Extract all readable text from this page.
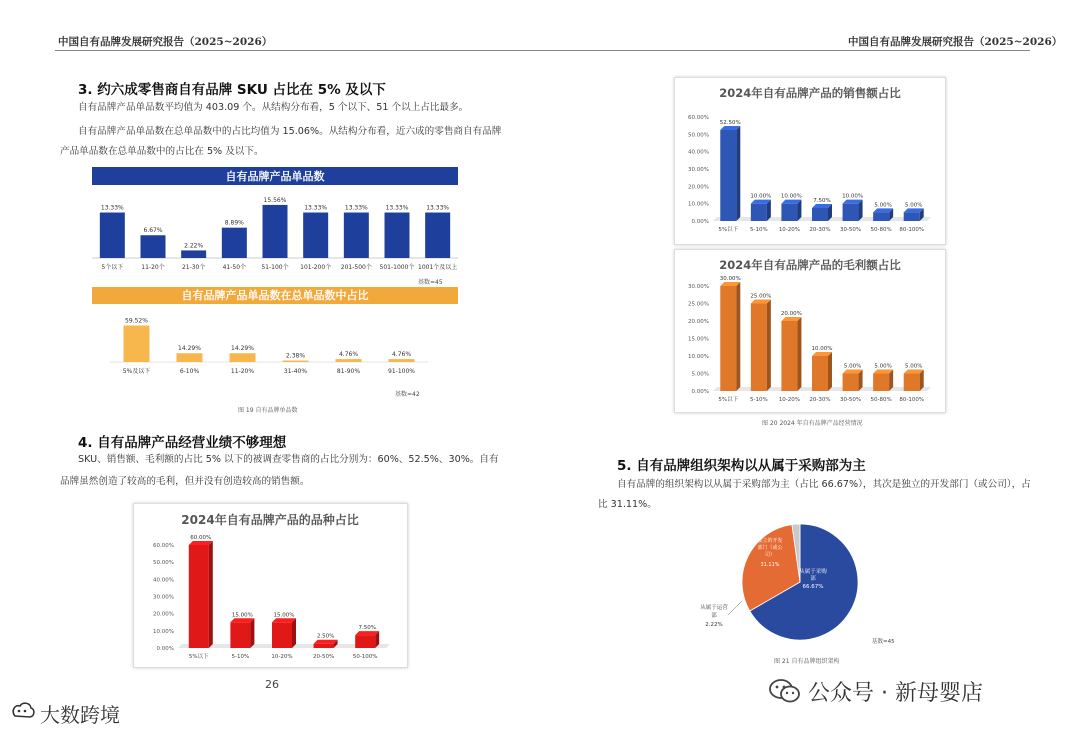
中国自有品牌发展研究报告（2025~2026）	中国自有品牌发展研究报告（2025~2026）
3. 约六成零售商自有品牌 SKU 占比在 5% 及以下
自有品牌产品单品数平均值为 403.09 个。从结构分布看，5 个以下、51 个以上占比最多。
自有品牌产品单品数在总单品数中的占比均值为 15.06%。从结构分布看，近六成的零售商自有品牌
产品单品数在总单品数中的占比在 5% 及以下。
自有品牌产品单品数
13.33%
5个以下
6.67%
11-20个
2.22%
21-30个
8.89%
41-50个
15.56%
51-100个
13.33%
101-200个
13.33%
201-500个
13.33%
501-1000个
13.33%
1001个及以上
基数=45
自有品牌产品单品数在总单品数中占比
59.52%
5%及以下
14.29%
6-10%
14.29%
11-20%
2.38%
31-40%
4.76%
81-90%
4.76%
91-100%
基数=42
图 19 自有品牌单品数
4. 自有品牌产品经营业绩不够理想
SKU、销售额、毛利额的占比 5% 以下的被调查零售商的占比分别为：60%、52.5%、30%。自有
品牌虽然创造了较高的毛利，但并没有创造较高的销售额。
2024年自有品牌产品的品种占比
0.00%
10.00%
20.00%
30.00%
40.00%
50.00%
60.00%
60.00%
5%以下
15.00%
5-10%
15.00%
10-20%
2.50%
20-50%
7.50%
50-100%
26
2024年自有品牌产品的销售额占比
0.00%
10.00%
20.00%
30.00%
40.00%
50.00%
60.00%
52.50%
5%以下
10.00%
5-10%
10.00%
10-20%
7.50%
20-30%
10.00%
30-50%
5.00%
50-80%
5.00%
80-100%
2024年自有品牌产品的毛利额占比
0.00%
5.00%
10.00%
15.00%
20.00%
25.00%
30.00%
30.00%
5%以下
25.00%
5-10%
20.00%
10-20%
10.00%
20-30%
5.00%
30-50%
5.00%
50-80%
5.00%
80-100%
图 20 2024 年自有品牌产品经营情况
5. 自有品牌组织架构以从属于采购部为主
自有品牌的组织架构以从属于采购部为主（占比 66.67%），其次是独立的开发部门（或公司），占
比 31.11%。
从属于采购
部
66.67%
独立的开发
部门（或公
司）
31.11%
从属于运营
部
2.22%
基数=45
图 21 自有品牌组织架构
大数跨境
公众号 · 新母婴店
